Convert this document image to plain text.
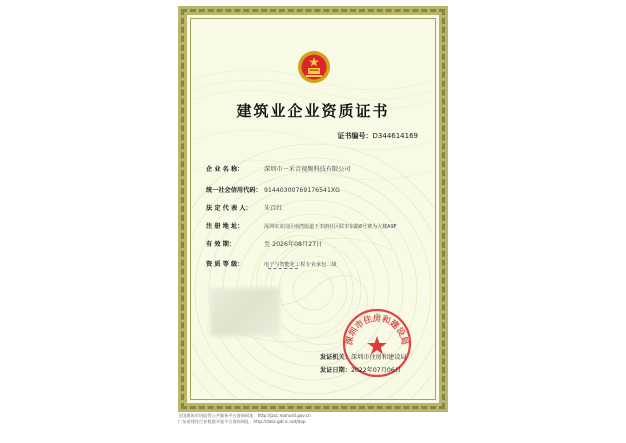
建筑业企业资质证书
证书编号：D344614169
企 业 名 称：	深圳市一禾音视频科技有限公司
统一社会信用代码： 91440300769176541XG
法 定 代 表 人： 朱百红
注 册 地 址：	深圳市龙岗区南湾街道下李朗社区联李东路8号赛为大楼A9F
有 效 期：	至 2026年08月27日
资 质 等 级：	电子与智能化工程专业承包二级
深圳市住房和建设局
发证机关：深圳市住房和建设局
发证日期：2022年07月06日
全国建筑市场监管公共服务平台查询网址：http://jzsc.mohurd.gov.cn
广东省建设行业数据开放平台查询网址：http://data.gdcic.net/dop
